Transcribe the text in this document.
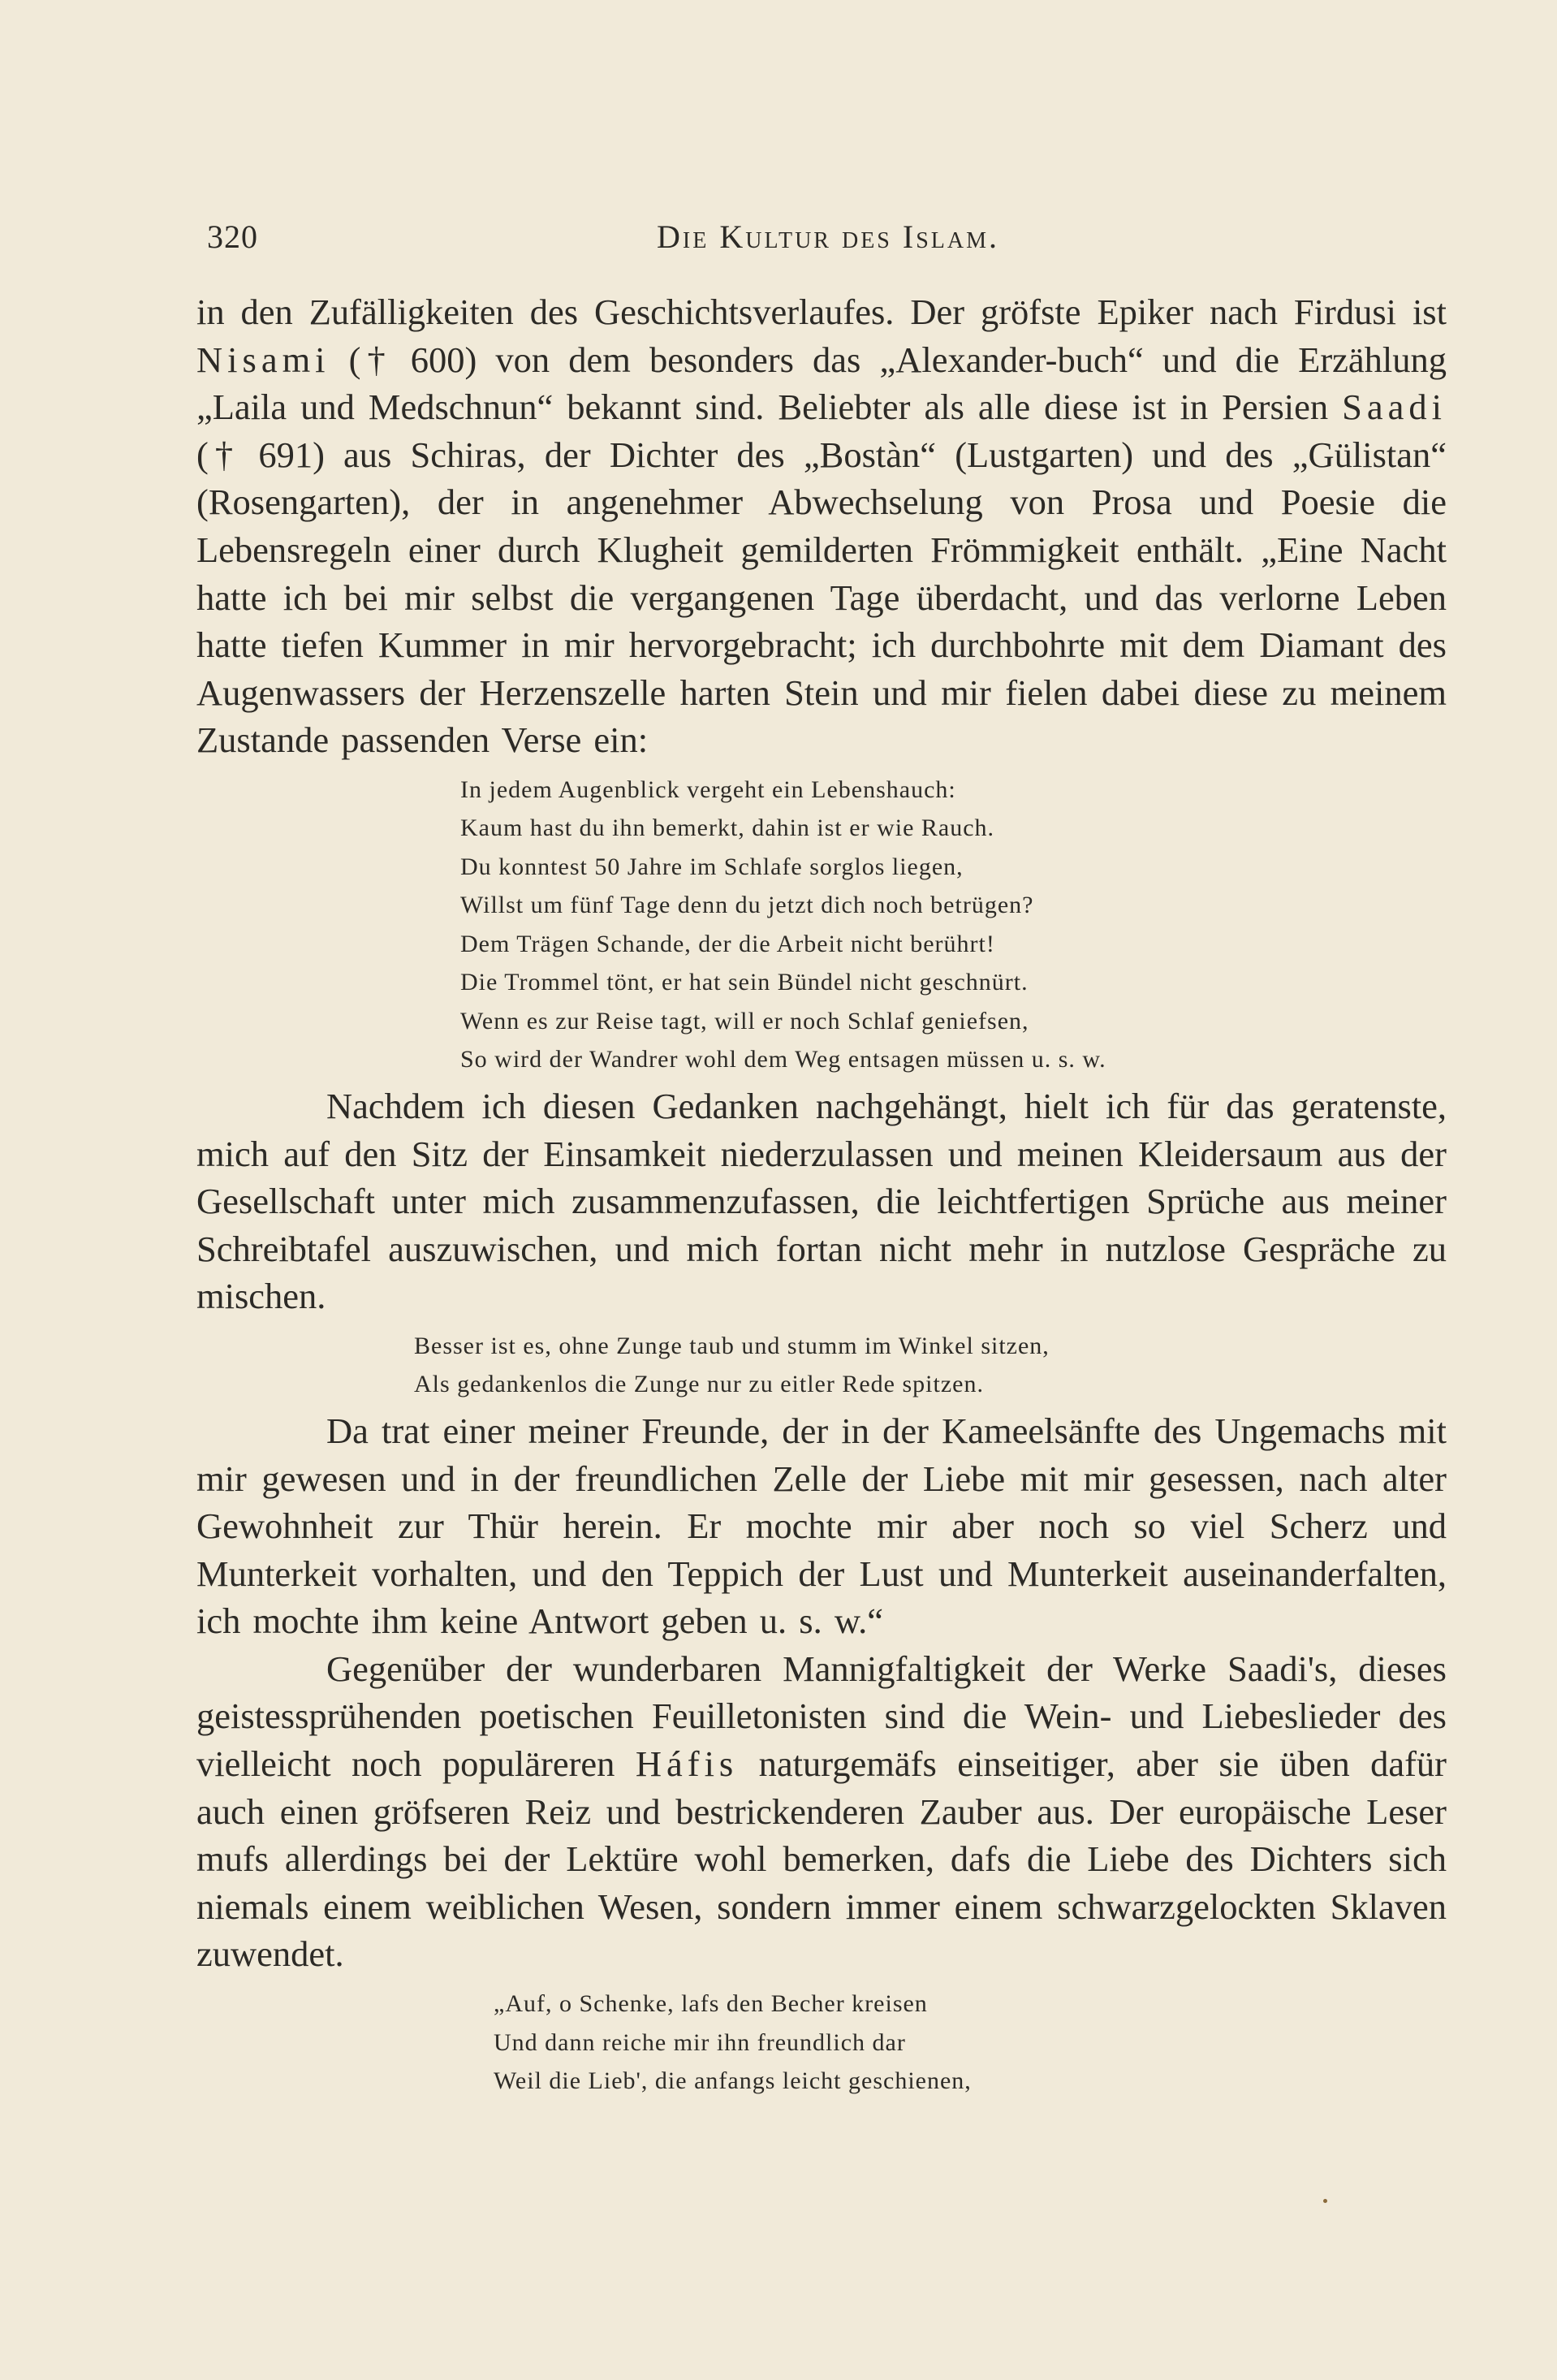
320	Die Kultur des Islam.

in den Zufälligkeiten des Geschichtsverlaufes. Der gröfste Epiker nach Firdusi ist Nisami († 600) von dem besonders das „Alexander-buch“ und die Erzählung „Laila und Medschnun“ bekannt sind. Beliebter als alle diese ist in Persien Saadi († 691) aus Schiras, der Dichter des „Bostàn“ (Lustgarten) und des „Gülistan“ (Rosengarten), der in angenehmer Abwechselung von Prosa und Poesie die Lebensregeln einer durch Klugheit gemilderten Frömmigkeit enthält. „Eine Nacht hatte ich bei mir selbst die vergangenen Tage überdacht, und das verlorne Leben hatte tiefen Kummer in mir hervorgebracht; ich durchbohrte mit dem Diamant des Augenwassers der Herzenszelle harten Stein und mir fielen dabei diese zu meinem Zustande passenden Verse ein:

In jedem Augenblick vergeht ein Lebenshauch:
Kaum hast du ihn bemerkt, dahin ist er wie Rauch.
Du konntest 50 Jahre im Schlafe sorglos liegen,
Willst um fünf Tage denn du jetzt dich noch betrügen?
Dem Trägen Schande, der die Arbeit nicht berührt!
Die Trommel tönt, er hat sein Bündel nicht geschnürt.
Wenn es zur Reise tagt, will er noch Schlaf geniefsen,
So wird der Wandrer wohl dem Weg entsagen müssen u. s. w.

Nachdem ich diesen Gedanken nachgehängt, hielt ich für das geratenste, mich auf den Sitz der Einsamkeit niederzulassen und meinen Kleidersaum aus der Gesellschaft unter mich zusammenzufassen, die leichtfertigen Sprüche aus meiner Schreibtafel auszuwischen, und mich fortan nicht mehr in nutzlose Gespräche zu mischen.

Besser ist es, ohne Zunge taub und stumm im Winkel sitzen,
Als gedankenlos die Zunge nur zu eitler Rede spitzen.

Da trat einer meiner Freunde, der in der Kameelsänfte des Ungemachs mit mir gewesen und in der freundlichen Zelle der Liebe mit mir gesessen, nach alter Gewohnheit zur Thür herein. Er mochte mir aber noch so viel Scherz und Munterkeit vorhalten, und den Teppich der Lust und Munterkeit auseinanderfalten, ich mochte ihm keine Antwort geben u. s. w.“

Gegenüber der wunderbaren Mannigfaltigkeit der Werke Saadi's, dieses geistessprühenden poetischen Feuilletonisten sind die Wein- und Liebeslieder des vielleicht noch populäreren Háfis naturgemäfs einseitiger, aber sie üben dafür auch einen gröfseren Reiz und bestrickenderen Zauber aus. Der europäische Leser mufs allerdings bei der Lektüre wohl bemerken, dafs die Liebe des Dichters sich niemals einem weiblichen Wesen, sondern immer einem schwarzgelockten Sklaven zuwendet.

„Auf, o Schenke, lafs den Becher kreisen
Und dann reiche mir ihn freundlich dar
Weil die Lieb', die anfangs leicht geschienen,
